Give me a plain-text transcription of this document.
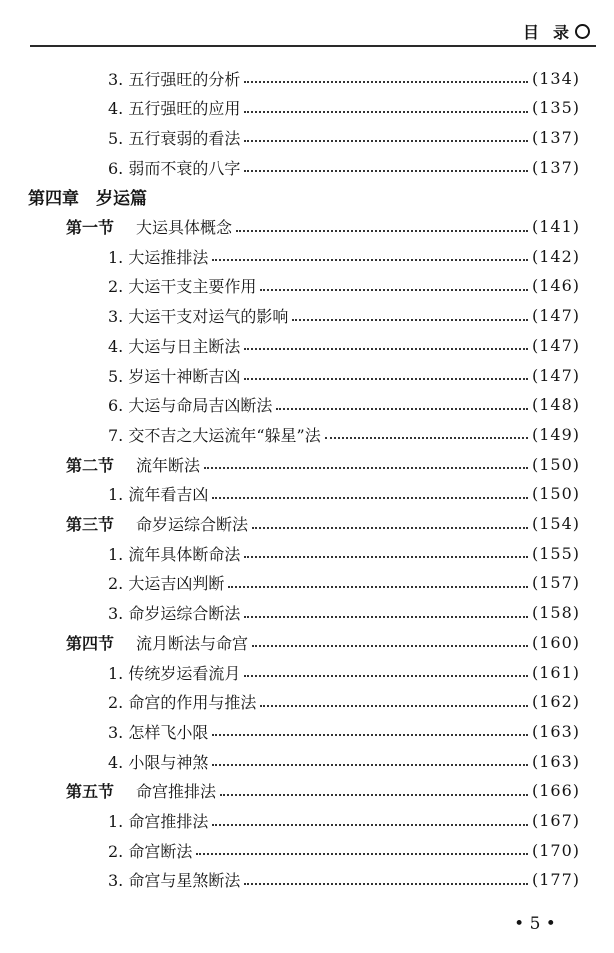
目 录
3. 五行强旺的分析	(134)
4. 五行强旺的应用	(135)
5. 五行衰弱的看法	(137)
6. 弱而不衰的八字	(137)
第四章　岁运篇
第一节 大运具体概念	(141)
1. 大运推排法	(142)
2. 大运干支主要作用	(146)
3. 大运干支对运气的影响	(147)
4. 大运与日主断法	(147)
5. 岁运十神断吉凶	(147)
6. 大运与命局吉凶断法	(148)
7. 交不吉之大运流年“躲星”法	(149)
第二节 流年断法	(150)
1. 流年看吉凶	(150)
第三节 命岁运综合断法	(154)
1. 流年具体断命法	(155)
2. 大运吉凶判断	(157)
3. 命岁运综合断法	(158)
第四节 流月断法与命宫	(160)
1. 传统岁运看流月	(161)
2. 命宫的作用与推法	(162)
3. 怎样飞小限	(163)
4. 小限与神煞	(163)
第五节 命宫推排法	(166)
1. 命宫推排法	(167)
2. 命宫断法	(170)
3. 命宫与星煞断法	(177)
• 5 •
